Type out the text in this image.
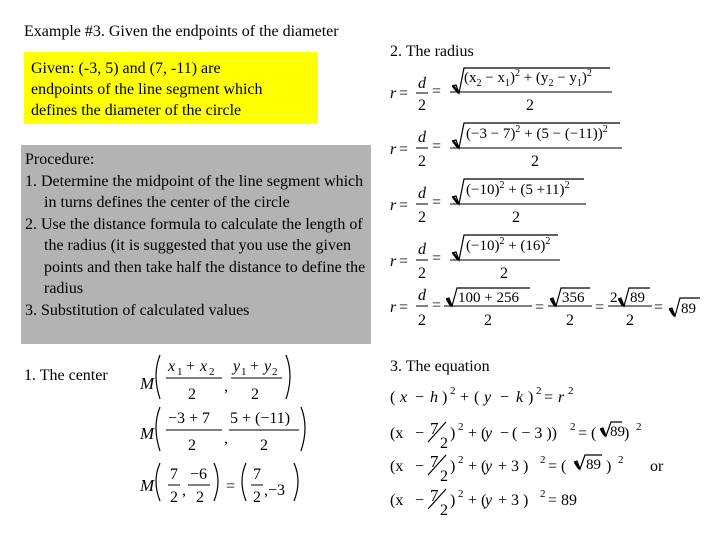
Example #3. Given the endpoints of the diameter
Given: (-3, 5) and (7, -11) are
endpoints of the line segment which
defines the diameter of the circle
Procedure:
1. Determine the midpoint of the line segment which in turns defines the center of the circle
2. Use the distance formula to calculate the length of the radius (it is suggested that you use the given points and then take half the distance to define the radius
3. Substitution of calculated values
1. The center M
x 1 + x 2
2 ,
y 1 + y 2
2
M
−3 + 7
2 ,
5 + (−11)
2
M
7
2 ,
−6
2
=
7
2 ,−3
2. The radius
r =
d
2
=
$(x_2 - x_1)^2 + (y_2 - y_1)^2$
2
r =
d
2
=
$(-3 - 7)^2 + (5 - (-11))^2$
2
r =
d
2
=
$(-10)^2 + (5 +11)^2$
2
r =
d
2
=
$(-10)^2 + (16)^2$
2
r =
d
2
= 100 + 256
2
=
356
2
=
2 89
2
= 89
3. The equation
( x − h ) 2 + ( y − k ) 2 = r 2
(x − 7
2
) 2 + (y − ( − 3 )) 2 = ( ) 2
89
(x − 7
2
) 2 + (y + 3 ) 2 = ( ) 2 or
89
(x − 7
2
) 2 + (y + 3 ) 2 = 89
